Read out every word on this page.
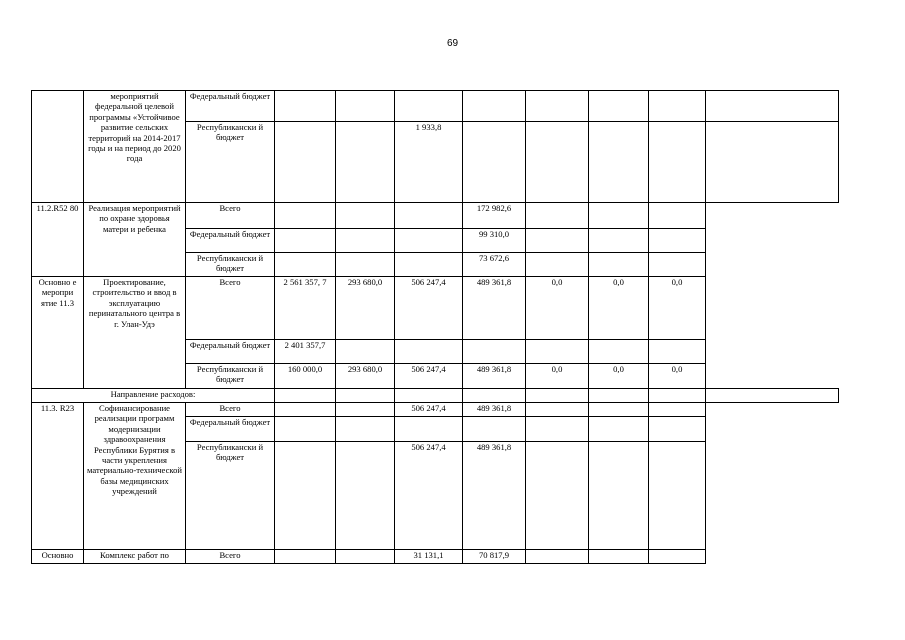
69
	мероприятий федеральной целевой программы «Устойчивое развитие сельских территорий на 2014-2017 годы и на период до 2020 года	Федеральный бюджет								
		Республикански й бюджет			1 933,8					
11.2.R52 80	Реализация мероприятий по охране здоровья матери и ребенка	Всего				172 982,6				
		Федеральный бюджет				99 310,0				
		Республикански й бюджет				73 672,6				
Основно е меропри ятие 11.3	Проектирование, строительство и ввод в эксплуатацию перинатального центра в г. Улан-Удэ	Всего	2 561 357, 7	293 680,0	506 247,4	489 361,8	0,0	0,0	0,0	
		Федеральный бюджет	2 401 357,7							
		Республикански й бюджет	160 000,0	293 680,0	506 247,4	489 361,8	0,0	0,0	0,0	
Направление расходов:										
11.3. R23	Софинансирование реализации программ модернизации здравоохранения Республики Бурятия в части укрепления материально-технической базы медицинских учреждений	Всего			506 247,4	489 361,8				
		Федеральный бюджет								
		Республикански й бюджет			506 247,4	489 361,8				
Основно	Комплекс работ по	Всего			31 131,1	70 817,9				
